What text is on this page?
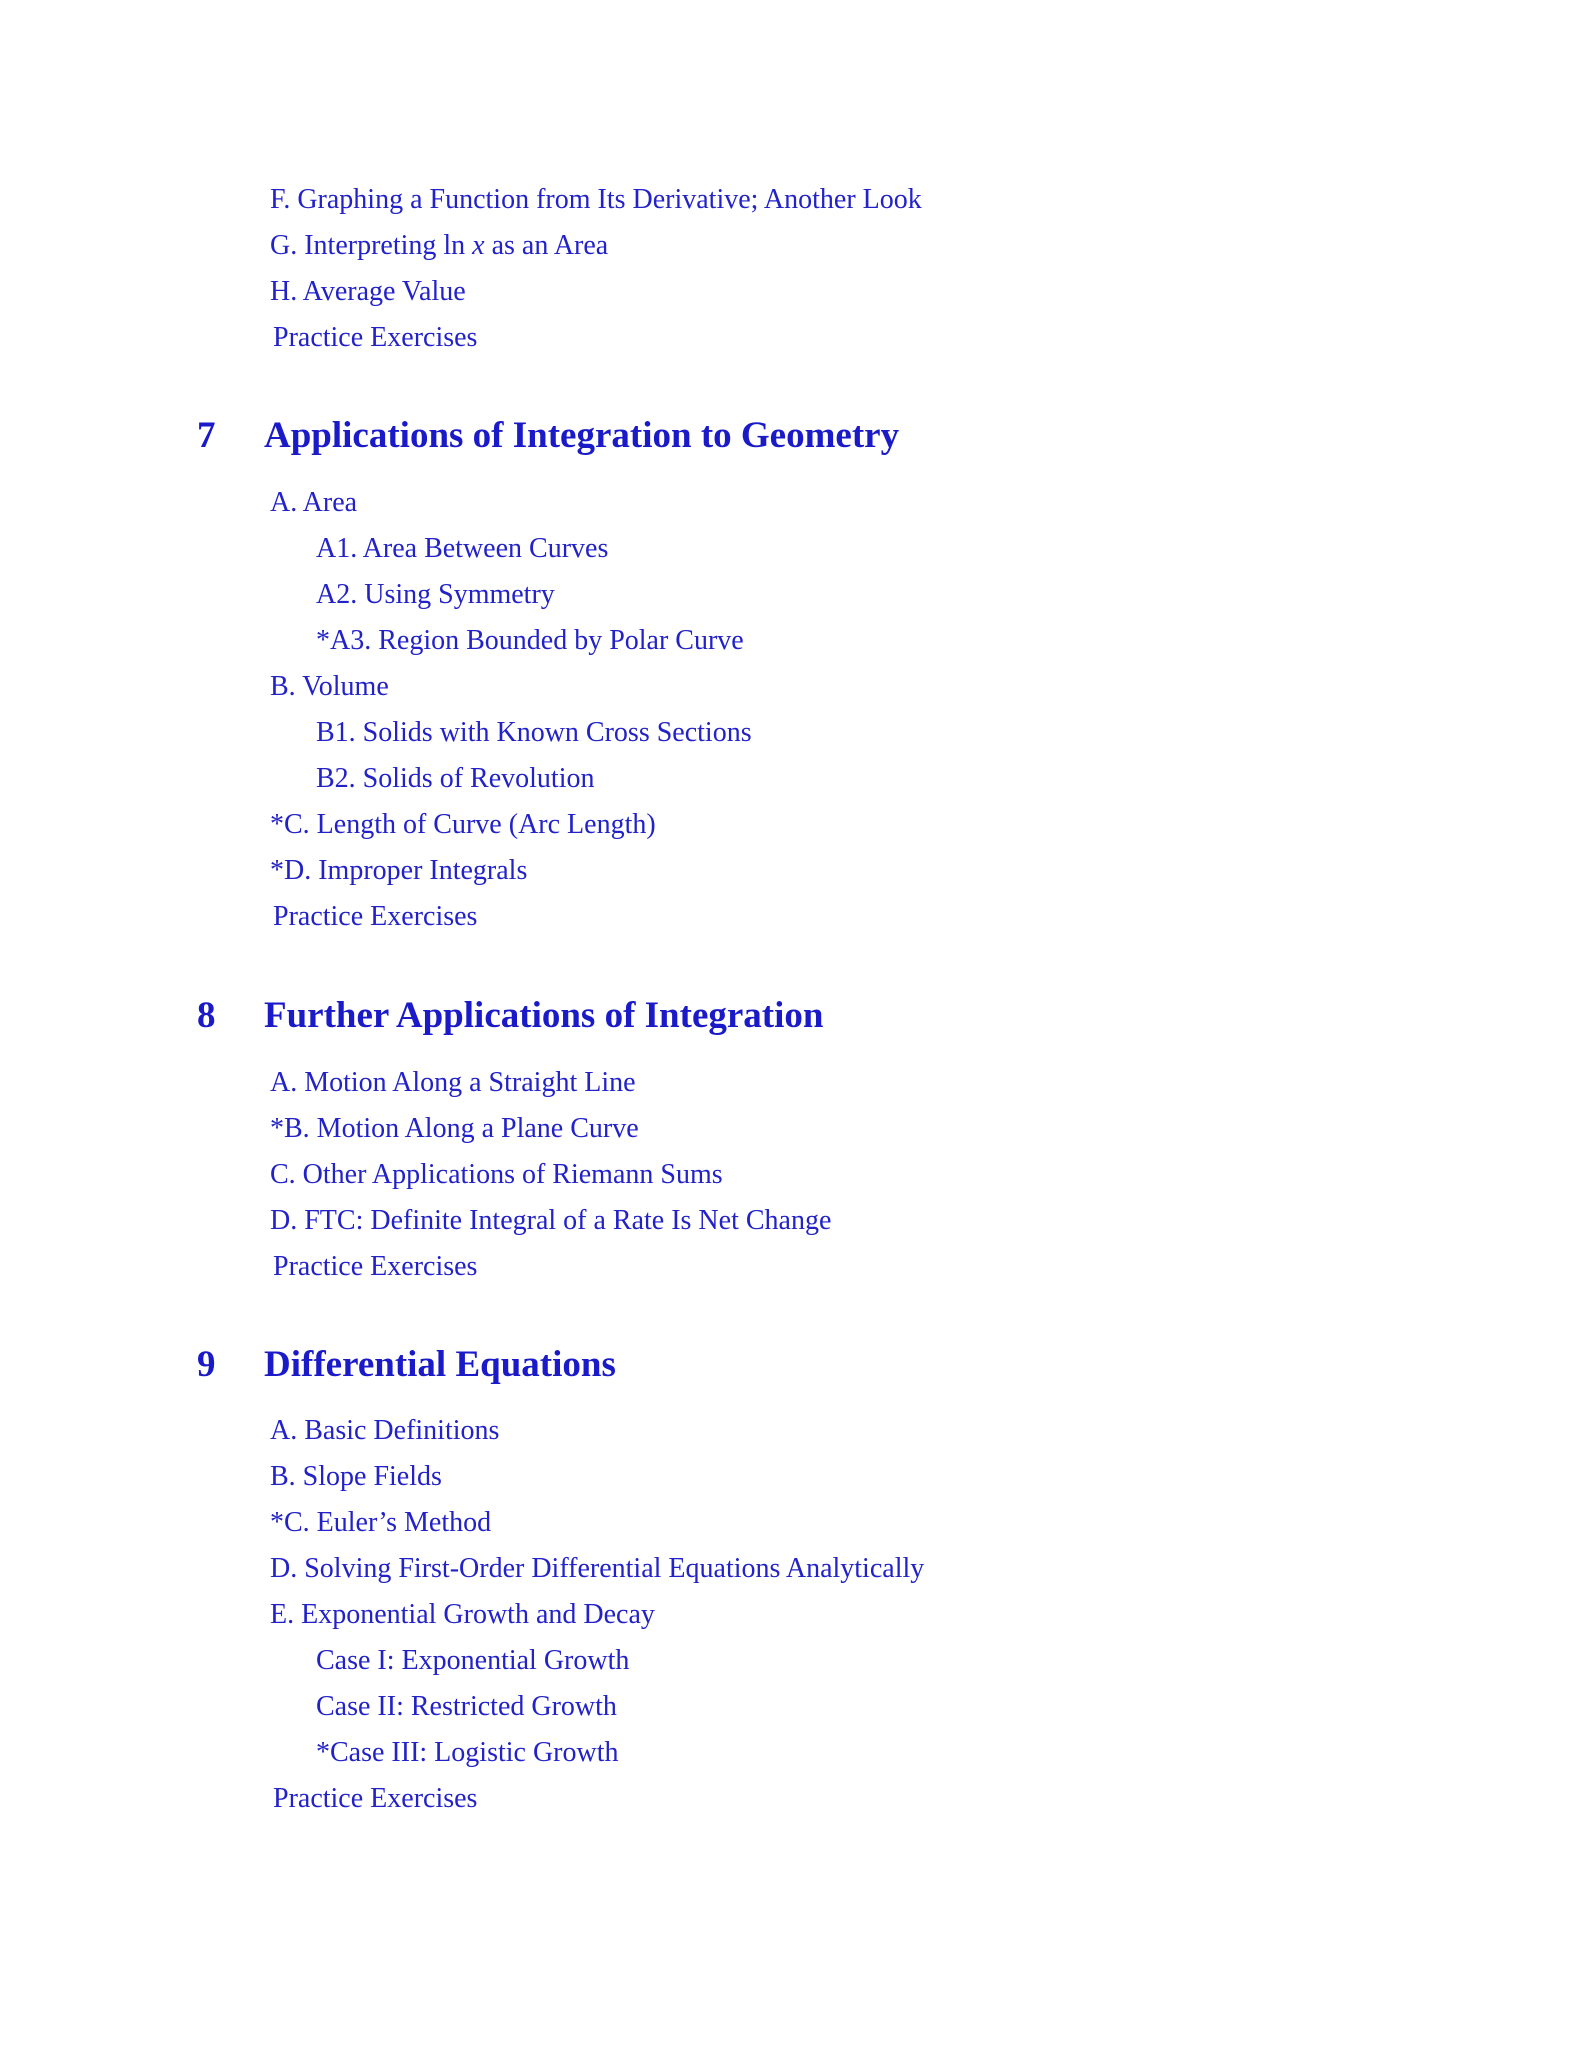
F. Graphing a Function from Its Derivative; Another Look
G. Interpreting ln x as an Area
H. Average Value
Practice Exercises
7 Applications of Integration to Geometry
A. Area
A1. Area Between Curves
A2. Using Symmetry
*A3. Region Bounded by Polar Curve
B. Volume
B1. Solids with Known Cross Sections
B2. Solids of Revolution
*C. Length of Curve (Arc Length)
*D. Improper Integrals
Practice Exercises
8 Further Applications of Integration
A. Motion Along a Straight Line
*B. Motion Along a Plane Curve
C. Other Applications of Riemann Sums
D. FTC: Definite Integral of a Rate Is Net Change
Practice Exercises
9 Differential Equations
A. Basic Definitions
B. Slope Fields
*C. Euler’s Method
D. Solving First-Order Differential Equations Analytically
E. Exponential Growth and Decay
Case I: Exponential Growth
Case II: Restricted Growth
*Case III: Logistic Growth
Practice Exercises
